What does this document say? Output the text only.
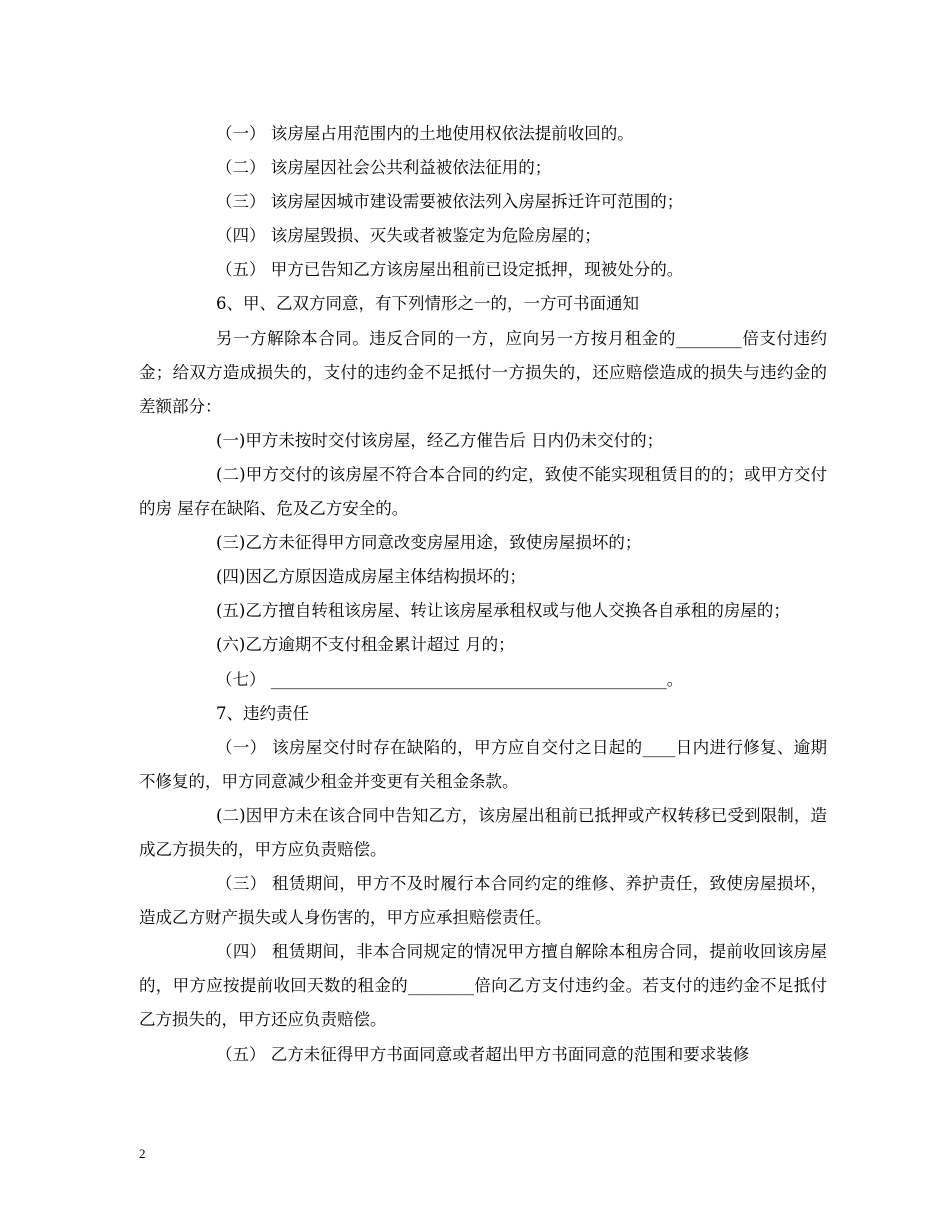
（一） 该房屋占用范围内的土地使用权依法提前收回的。

（二） 该房屋因社会公共利益被依法征用的；

（三） 该房屋因城市建设需要被依法列入房屋拆迁许可范围的；

（四） 该房屋毁损、灭失或者被鉴定为危险房屋的；

（五） 甲方已告知乙方该房屋出租前已设定抵押，现被处分的。

6、甲、乙双方同意，有下列情形之一的，一方可书面通知

另一方解除本合同。违反合同的一方，应向另一方按月租金的________倍支付违约金；给双方造成损失的，支付的违约金不足抵付一方损失的，还应赔偿造成的损失与违约金的差额部分：

(一)甲方未按时交付该房屋，经乙方催告后 日内仍未交付的；

(二)甲方交付的该房屋不符合本合同的约定，致使不能实现租赁目的的；或甲方交付的房 屋存在缺陷、危及乙方安全的。

(三)乙方未征得甲方同意改变房屋用途，致使房屋损坏的；

(四)因乙方原因造成房屋主体结构损坏的；

(五)乙方擅自转租该房屋、转让该房屋承租权或与他人交换各自承租的房屋的；

(六)乙方逾期不支付租金累计超过 月的；

（七） ________________________________________________。

7、违约责任

（一） 该房屋交付时存在缺陷的，甲方应自交付之日起的____日内进行修复、逾期不修复的，甲方同意减少租金并变更有关租金条款。

(二)因甲方未在该合同中告知乙方，该房屋出租前已抵押或产权转移已受到限制，造成乙方损失的，甲方应负责赔偿。

（三） 租赁期间，甲方不及时履行本合同约定的维修、养护责任，致使房屋损坏，造成乙方财产损失或人身伤害的，甲方应承担赔偿责任。

（四） 租赁期间，非本合同规定的情况甲方擅自解除本租房合同，提前收回该房屋的，甲方应按提前收回天数的租金的________倍向乙方支付违约金。若支付的违约金不足抵付乙方损失的，甲方还应负责赔偿。

（五） 乙方未征得甲方书面同意或者超出甲方书面同意的范围和要求装修

2
